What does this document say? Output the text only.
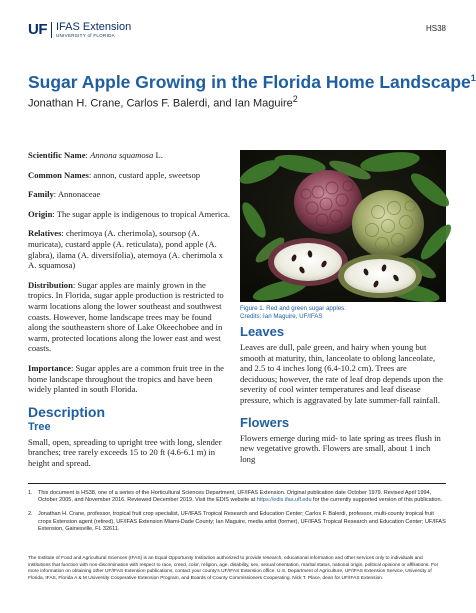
UF IFAS Extension
UNIVERSITY of FLORIDA
HS38
Sugar Apple Growing in the Florida Home Landscape$^1$
Jonathan H. Crane, Carlos F. Balerdi, and Ian Maguire$^2$

Scientific Name: Annona squamosa L.

Common Names: annon, custard apple, sweetsop

Family: Annonaceae

Origin: The sugar apple is indigenous to tropical America.

Relatives: cherimoya (A. cherimola), soursop (A. muricata), custard apple (A. reticulata), pond apple (A. glabra), ilama (A. diversifolia), atemoya (A. cherimola x A. squamosa)

Distribution: Sugar apples are mainly grown in the tropics. In Florida, sugar apple production is restricted to warm locations along the lower southeast and southwest coasts. However, home landscape trees may be found along the southeastern shore of Lake Okeechobee and in warm, protected locations along the lower east and west coasts.

Importance: Sugar apples are a common fruit tree in the home landscape throughout the tropics and have been widely planted in south Florida.

Description
Tree

Small, open, spreading to upright tree with long, slender branches; tree rarely exceeds 15 to 20 ft (4.6-6.1 m) in height and spread.

Figure 1. Red and green sugar apples.
Credits: Ian Maguire, UF/IFAS
Leaves

Leaves are dull, pale green, and hairy when young but smooth at maturity, thin, lanceolate to oblong lanceolate, and 2.5 to 4 inches long (6.4-10.2 cm). Trees are deciduous; however, the rate of leaf drop depends upon the severity of cool winter temperatures and leaf disease pressure, which is aggravated by late summer-fall rainfall.

Flowers

Flowers emerge during mid- to late spring as trees flush in new vegetative growth. Flowers are small, about 1 inch long

1. This document is HS38, one of a series of the Horticultural Sciences Department, UF/IFAS Extension. Original publication date October 1979. Revised April 1994, October 2005, and November 2016. Reviewed December 2019. Visit the EDIS website at https://edis.ifas.ufl.edu for the currently supported version of this publication.
2. Jonathan H. Crane, professor, tropical fruit crop specialist, UF/IFAS Tropical Research and Education Center; Carlos F. Balerdi, professor, multi-county tropical fruit crops Extension agent (retired), UF/IFAS Extension Miami-Dade County; Ian Maguire, media artist (former), UF/IFAS Tropical Research and Education Center; UF/IFAS Extension, Gainesville, FL 32611.
The Institute of Food and Agricultural Sciences (IFAS) is an Equal Opportunity Institution authorized to provide research, educational information and other services only to individuals and institutions that function with non-discrimination with respect to race, creed, color, religion, age, disability, sex, sexual orientation, marital status, national origin, political opinions or affiliations. For more information on obtaining other UF/IFAS Extension publications, contact your county's UF/IFAS Extension office. U.S. Department of Agriculture, UF/IFAS Extension Service, University of Florida, IFAS, Florida A & M University Cooperative Extension Program, and Boards of County Commissioners Cooperating. Nick T. Place, dean for UF/IFAS Extension.
